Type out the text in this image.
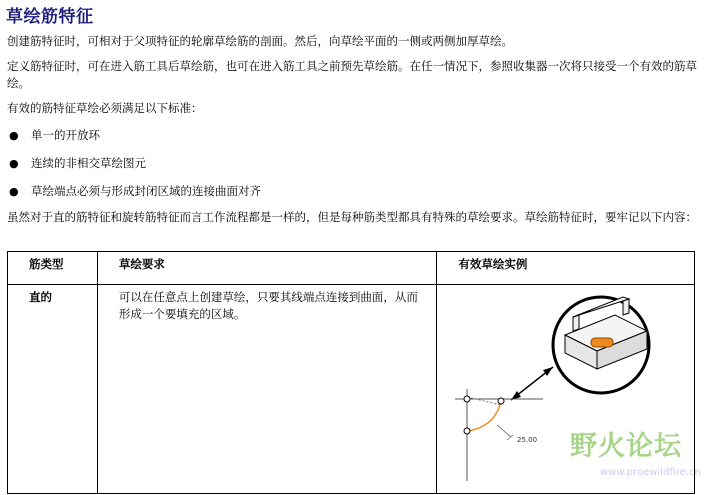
草绘筋特征

创建筋特征时，可相对于父项特征的轮廓草绘筋的剖面。然后，向草绘平面的一侧或两侧加厚草绘。

定义筋特征时，可在进入筋工具后草绘筋，也可在进入筋工具之前预先草绘筋。在任一情况下，参照收集器一次将只接受一个有效的筋草绘。

有效的筋特征草绘必须满足以下标准：

● 单一的开放环
● 连续的非相交草绘图元
● 草绘端点必须与形成封闭区域的连接曲面对齐

虽然对于直的筋特征和旋转筋特征而言工作流程都是一样的，但是每种筋类型都具有特殊的草绘要求。草绘筋特征时，要牢记以下内容：

筋类型	草绘要求	有效草绘实例
直的	可以在任意点上创建草绘，只要其线端点连接到曲面，从而形成一个要填充的区域。	25.00 野火论坛
www.proewildfire.cn
